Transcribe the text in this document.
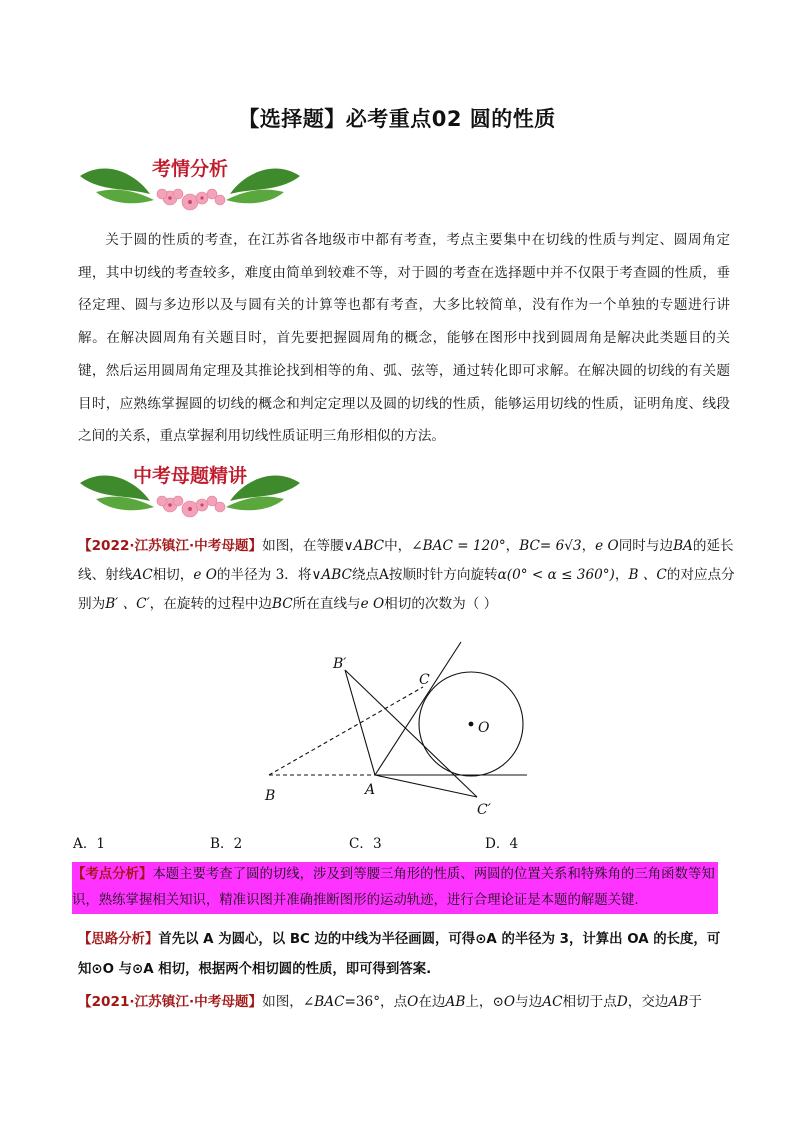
【选择题】必考重点02 圆的性质
考情分析
关于圆的性质的考查，在江苏省各地级市中都有考查，考点主要集中在切线的性质与判定、圆周角定理，其中切线的考查较多，难度由简单到较难不等，对于圆的考查在选择题中并不仅限于考查圆的性质，垂径定理、圆与多边形以及与圆有关的计算等也都有考查，大多比较简单，没有作为一个单独的专题进行讲解。在解决圆周角有关题目时，首先要把握圆周角的概念，能够在图形中找到圆周角是解决此类题目的关键，然后运用圆周角定理及其推论找到相等的角、弧、弦等，通过转化即可求解。在解决圆的切线的有关题目时，应熟练掌握圆的切线的概念和判定定理以及圆的切线的性质，能够运用切线的性质，证明角度、线段之间的关系，重点掌握利用切线性质证明三角形相似的方法。
中考母题精讲
【2022·江苏镇江·中考母题】如图，在等腰∨ABC中，∠BAC = 120°，BC= 6√3，e O同时与边BA的延长线、射线AC相切，e O的半径为 3．将∨ABC绕点A按顺时针方向旋转α(0° < α ≤ 360°)，B 、C的对应点分别为B′ 、C′，在旋转的过程中边BC所在直线与e O相切的次数为（ ）
B′
C
O
B	A
C′
A．1	B．2	C．3	D．4
【考点分析】本题主要考查了圆的切线，涉及到等腰三角形的性质、两圆的位置关系和特殊角的三角函数等知识，熟练掌握相关知识，精准识图并准确推断图形的运动轨迹，进行合理论证是本题的解题关键.
【思路分析】首先以 A 为圆心，以 BC 边的中线为半径画圆，可得⊙A 的半径为 3，计算出 OA 的长度，可知⊙O 与⊙A 相切，根据两个相切圆的性质，即可得到答案.
【2021·江苏镇江·中考母题】如图，∠BAC=36°，点O在边AB上，⊙O与边AC相切于点D，交边AB于
